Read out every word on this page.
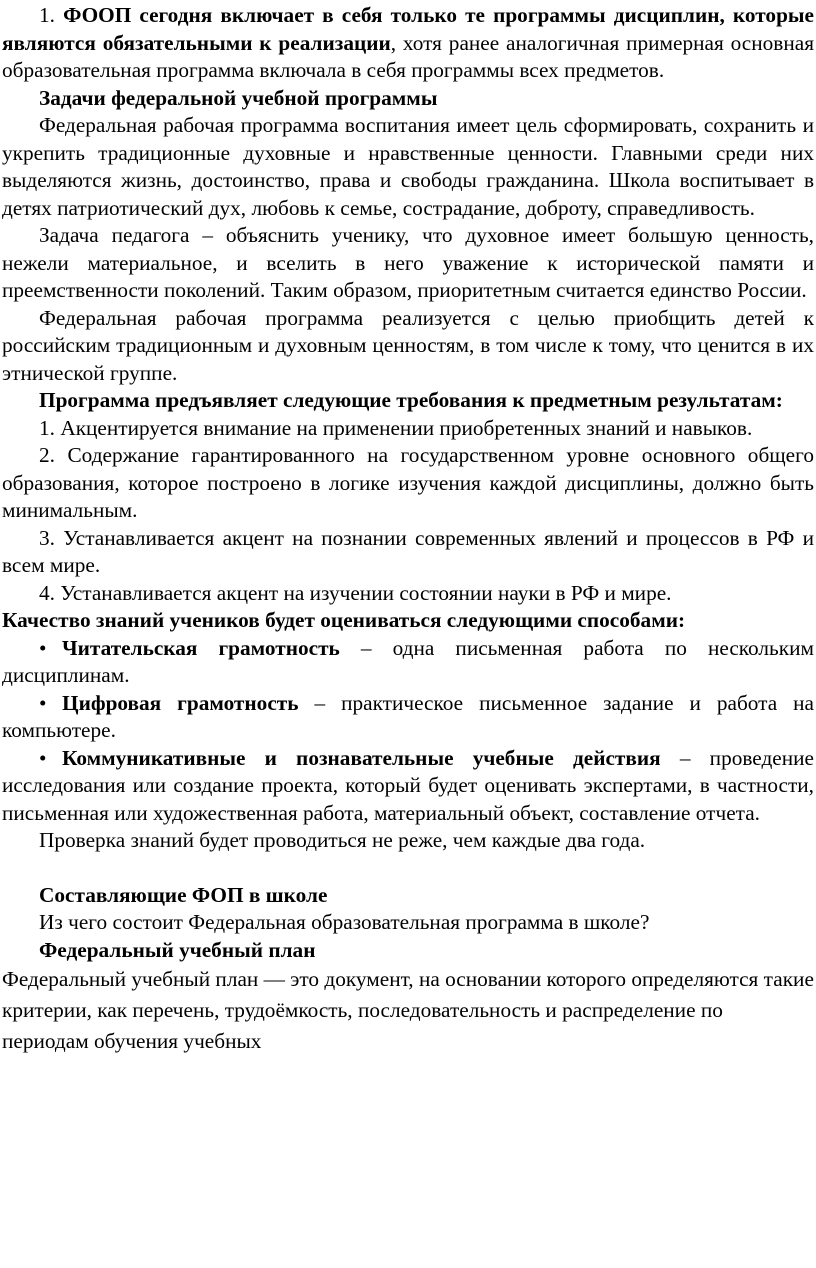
1. ФООП сегодня включает в себя только те программы дисциплин, которые являются обязательными к реализации, хотя ранее аналогичная примерная основная образовательная программа включала в себя программы всех предметов.

Задачи федеральной учебной программы

Федеральная рабочая программа воспитания имеет цель сформировать, сохранить и укрепить традиционные духовные и нравственные ценности. Главными среди них выделяются жизнь, достоинство, права и свободы гражданина. Школа воспитывает в детях патриотический дух, любовь к семье, сострадание, доброту, справедливость.

Задача педагога – объяснить ученику, что духовное имеет большую ценность, нежели материальное, и вселить в него уважение к исторической памяти и преемственности поколений. Таким образом, приоритетным считается единство России.

Федеральная рабочая программа реализуется с целью приобщить детей к российским традиционным и духовным ценностям, в том числе к тому, что ценится в их этнической группе.

Программа предъявляет следующие требования к предметным результатам:

1. Акцентируется внимание на применении приобретенных знаний и навыков.

2. Содержание гарантированного на государственном уровне основного общего образования, которое построено в логике изучения каждой дисциплины, должно быть минимальным.

3. Устанавливается акцент на познании современных явлений и процессов в РФ и всем мире.

4. Устанавливается акцент на изучении состоянии науки в РФ и мире.

Качество знаний учеников будет оцениваться следующими способами:

• Читательская грамотность – одна письменная работа по нескольким дисциплинам.

• Цифровая грамотность – практическое письменное задание и работа на компьютере.

• Коммуникативные и познавательные учебные действия – проведение исследования или создание проекта, который будет оценивать экспертами, в частности, письменная или художественная работа, материальный объект, составление отчета.

Проверка знаний будет проводиться не реже, чем каждые два года.

Составляющие ФОП в школе

Из чего состоит Федеральная образовательная программа в школе?

Федеральный учебный план

Федеральный учебный план — это документ, на основании которого определяются такие критерии, как перечень, трудоёмкость, последовательность и распределение по периодам обучения учебных
